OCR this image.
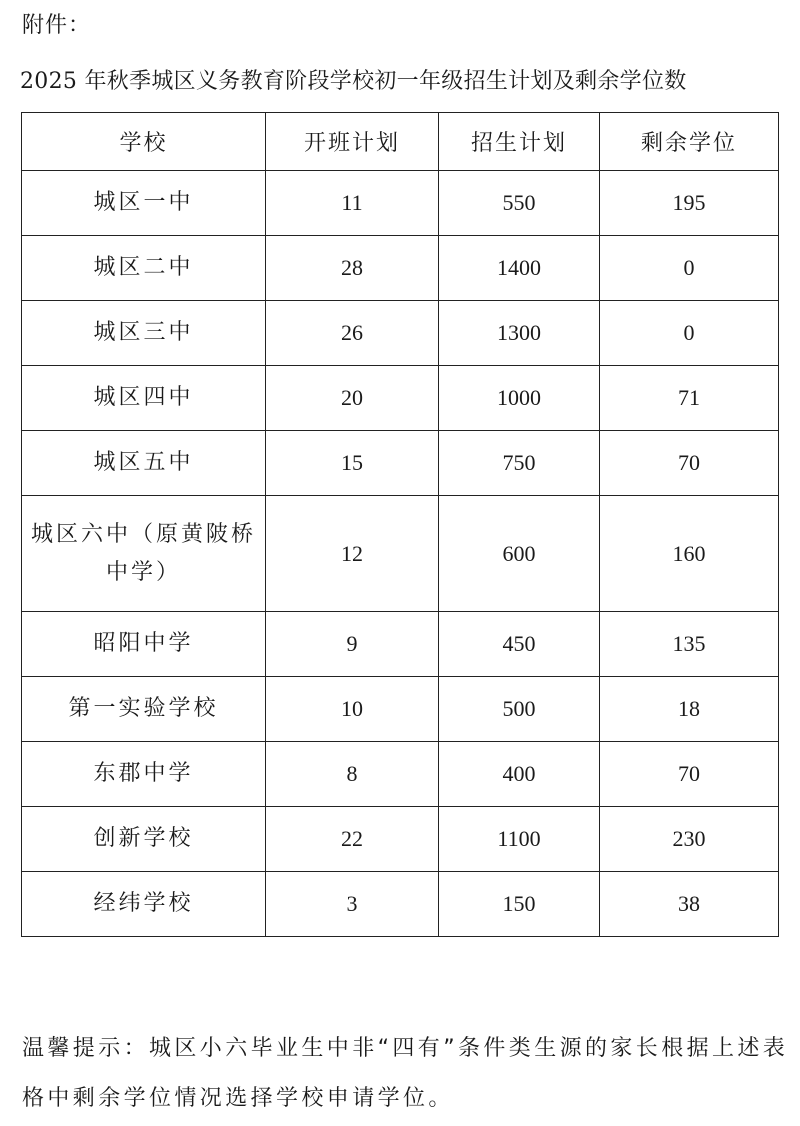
附件：
2025 年秋季城区义务教育阶段学校初一年级招生计划及剩余学位数
学校	开班计划	招生计划	剩余学位
城区一中	11	550	195
城区二中	28	1400	0
城区三中	26	1300	0
城区四中	20	1000	71
城区五中	15	750	70
城区六中（原黄陂桥中学）	12	600	160
昭阳中学	9	450	135
第一实验学校	10	500	18
东郡中学	8	400	70
创新学校	22	1100	230
经纬学校	3	150	38
温馨提示：城区小六毕业生中非“四有”条件类生源的家长根据上述表格中剩余学位情况选择学校申请学位。
